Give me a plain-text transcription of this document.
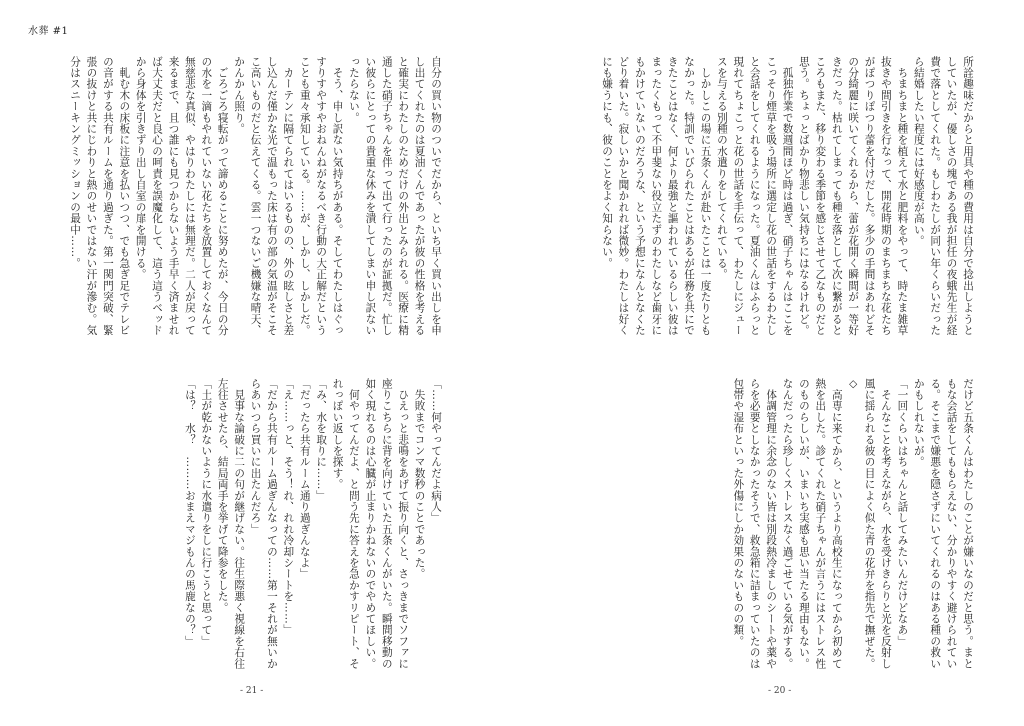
水葬 #1
自分の買い物のついでだから、といち早く買い出しを申し出てくれたのは夏油くんであったが彼の性格を考えると確実にわたしのためだけの外出とみられる。医療に精通した硝子ちゃんを伴って出て行ったのが証拠だ。忙しい彼らにとっての貴重な休みを潰してしまい申し訳ないったらない。
　そう、申し訳ない気持ちがある。そしてわたしはぐっすりすやすやおねんねがなるべき行動の大正解だということも重々承知している。……が、しかし、しかしだ。
　カーテンに隔てられてはいるものの、外の眩しさと差し込んだ僅かな光で温もった床は有の部の気温がそこそこ高いものだと伝えてくる。雲一つないご機嫌な晴天、かんかん照り。
　ごろごろ寝転がって諦めることに努めたが、今日の分の水を一滴もやれていない花たちを放置しておくなんて無慈悲な真似、やはりわたしには無理だ。二人が戻って来るまで、且つ誰にも見つからないよう手早く済ませれば大丈夫だと良心の呵責を誤魔化して、這う這うベッドから身体を引きずり出し自室の扉を開ける。
　軋む木の床板に注意を払いつつ、でも急ぎ足でテレビの音がする共有ルームを通り過ぎた。第一関門突破、緊張の抜けと共にじわりと熱のせいではない汗が滲む。気分はスニーキングミッションの最中……。
「……何やってんだよ病人」
　失敗までコンマ数秒のことであった。
　ひえっと悲鳴をあげて振り向くと、さっきまでソファに座りこちらに背を向けていた五条くんがいた。瞬間移動の如く現れるのは心臓が止まりかねないのでやめてほしい。
　何やってんだよ、と問う先に答えを急かすリピート、それっぽい返しを探す。
「み、水を取りに……」
「だったら共有ルーム通り過ぎんなよ」
「え……っと、そう！れ、れれ冷却シートを……」
「だから共有ルーム過ぎんなっての……第一それが無いからあいつら買いに出たんだろ」
　見事な論破に二の句が継げない。往生際悪く視線を右往左往させたら、結局両手を挙げて降参をした。
「土が乾かないように水遣りをしに行こうと思って」
「は？　水？　………おまえマジもんの馬鹿なの？」
- 21 -
所詮趣味だからと用具や種の費用は自分で捻出しようとしていたが、優しさの塊である我が担任の夜蛾先生が経費で落としてくれた。もしわたしが同い年くらいだったら結婚したい程度には好感度が高い。
　ちまちまと種を植えて水と肥料をやって、時たま雑草抜きや間引きを行なって、開花時期のまちまちな花たちがぽつりぽつり蕾を付けだした。多少の手間はあれどその分綺麗に咲いてくれるから、蕾が花開く瞬間が一等好きだった。枯れてしまっても種を落として次に繋がるところもまた、移り変わる季節を感じさせて乙なものだと思う。ちょっとばかり物悲しい気持ちにはなるけれど。
　孤独作業で数週間ほど時は過ぎ、硝子ちゃんはここをこっそり煙草を吸う場所に選定し花の世話をするわたしと会話をしてくれるようになった。夏油くんはふらっと現れてちょこっと花の世話を手伝って、わたしにジュースを与える別種の水遣りをしてくれている。
　しかしこの場に五条くんが赴いたことは一度たりともなかった。特訓でいびられたことはあるが任務を共にできたことはなく、何より最強と謳われているらしい彼はまったくもって不甲斐ない役立たずのわたしなど歯牙にもかけていないのだろうな、という予想になんとなくたどり着いた。寂しいかと聞かれれば微妙。わたしは好くにも嫌うにも、彼のことをよく知らない。
だけど五条くんはわたしのことが嫌いなのだと思う。まともな会話をしてももらえない、分かりやすく避けられている。そこまで嫌悪を隠さずにいてくれるのはある種の救いかもしれないが。
「一回くらいはちゃんと話してみたいんだけどなあ」
　そんなことを考えながら、水を受けきらりと光を反射し風に揺られる彼の目によく似た青の花弁を指先で撫ぜた。
◇
　高専に来てから、というより高校生になってから初めて熱を出した。診てくれた硝子ちゃんが言うにはストレス性のものらしいが、いまいち実感も思い当たる理由もない。なんだったら珍しくストレスなく過ごせている気がする。
　体調管理に余念のない皆は別段熱冷ましのシートや薬やらを必要としなかったそうで、救急箱に詰まっていたのは包帯や湿布といった外傷にしか効果のないものの類。
- 20 -
